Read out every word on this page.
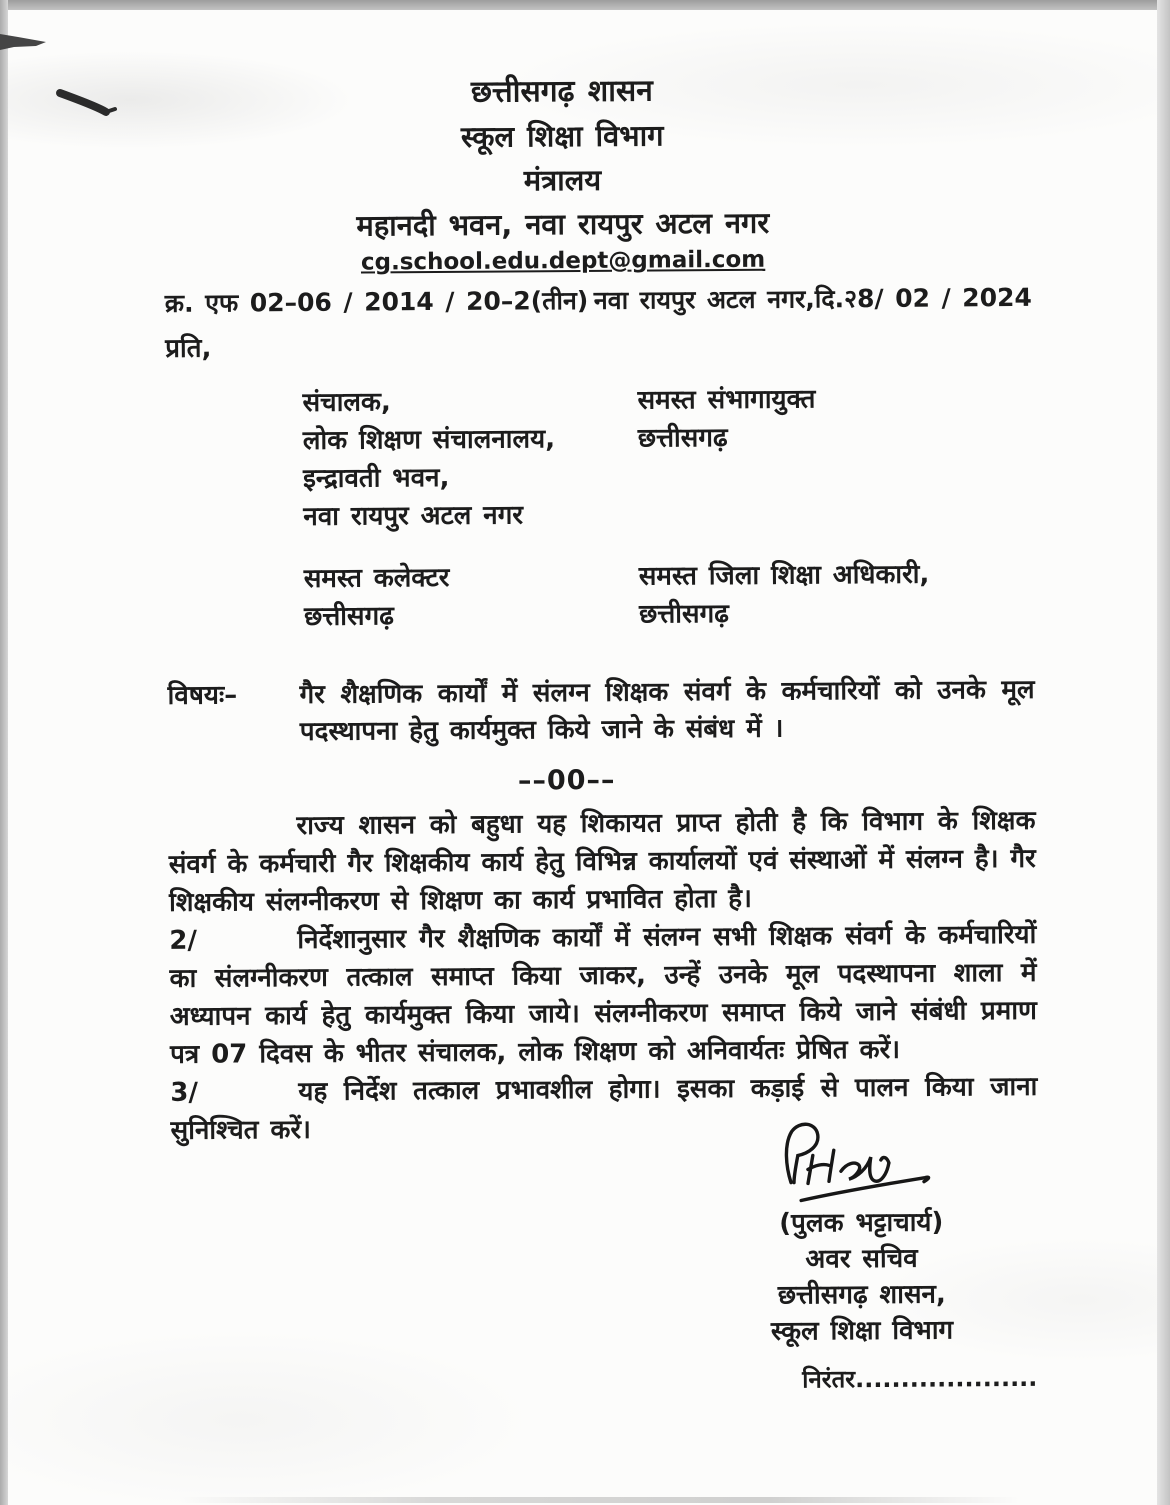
छत्तीसगढ़ शासन
स्कूल शिक्षा विभाग
मंत्रालय
महानदी भवन, नवा रायपुर अटल नगर
cg.school.edu.dept@gmail.com
क्र. एफ 02–06 / 2014 / 20–2(तीन) नवा रायपुर अटल नगर,दि.२8/ 02 / 2024
प्रति,
संचालक,
लोक शिक्षण संचालनालय,
इन्द्रावती भवन,
नवा रायपुर अटल नगर
समस्त संभागायुक्त
छत्तीसगढ़
समस्त कलेक्टर
छत्तीसगढ़
समस्त जिला शिक्षा अधिकारी,
छत्तीसगढ़
विषयः–	गैर शैक्षणिक कार्यों में संलग्न शिक्षक संवर्ग के कर्मचारियों को उनके मूल पदस्थापना हेतु कार्यमुक्त किये जाने के संबंध में ।
––00––
राज्य शासन को बहुधा यह शिकायत प्राप्त होती है कि विभाग के शिक्षक संवर्ग के कर्मचारी गैर शिक्षकीय कार्य हेतु विभिन्न कार्यालयों एवं संस्थाओं में संलग्न है। गैर शिक्षकीय संलग्नीकरण से शिक्षण का कार्य प्रभावित होता है।
2/	निर्देशानुसार गैर शैक्षणिक कार्यों में संलग्न सभी शिक्षक संवर्ग के कर्मचारियों का संलग्नीकरण तत्काल समाप्त किया जाकर, उन्हें उनके मूल पदस्थापना शाला में अध्यापन कार्य हेतु कार्यमुक्त किया जाये। संलग्नीकरण समाप्त किये जाने संबंधी प्रमाण पत्र 07 दिवस के भीतर संचालक, लोक शिक्षण को अनिवार्यतः प्रेषित करें।
3/	यह निर्देश तत्काल प्रभावशील होगा। इसका कड़ाई से पालन किया जाना सुनिश्चित करें।
(पुलक भट्टाचार्य)
अवर सचिव
छत्तीसगढ़ शासन,
स्कूल शिक्षा विभाग
निरंतर....................
